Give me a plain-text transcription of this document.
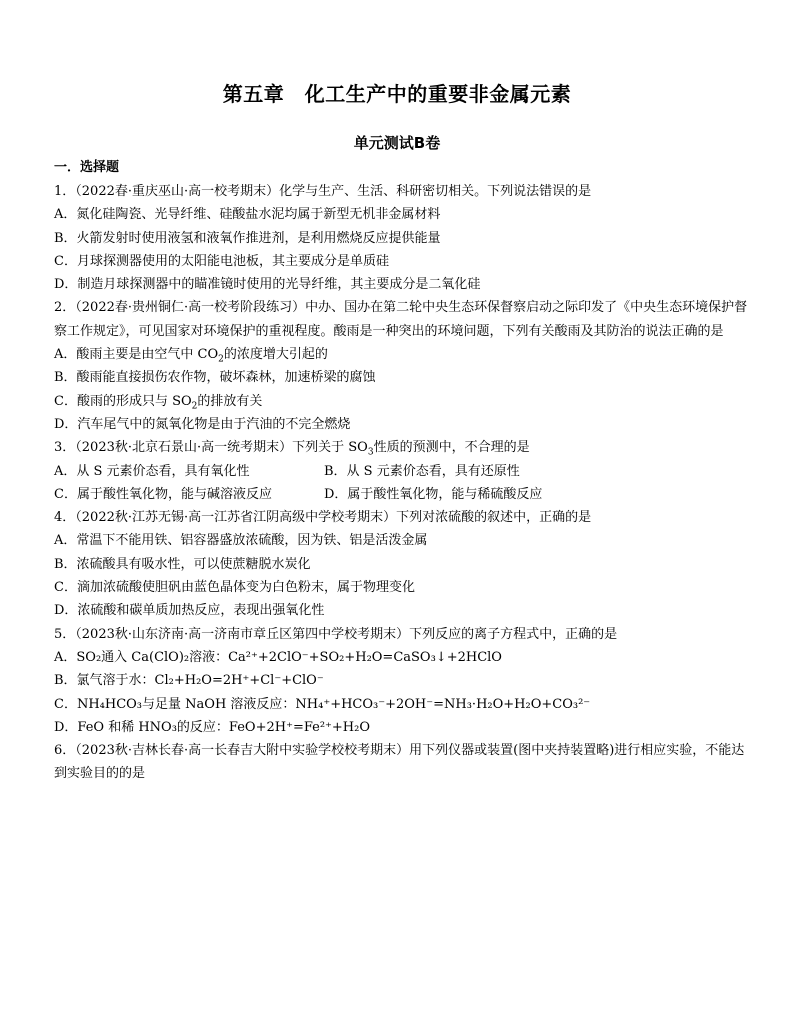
第五章　化工生产中的重要非金属元素
单元测试B卷
一．选择题

1．（2022春·重庆巫山·高一校考期末）化学与生产、生活、科研密切相关。下列说法错误的是

A．氮化硅陶瓷、光导纤维、硅酸盐水泥均属于新型无机非金属材料

B．火箭发射时使用液氢和液氧作推进剂，是利用燃烧反应提供能量

C．月球探测器使用的太阳能电池板，其主要成分是单质硅

D．制造月球探测器中的瞄准镜时使用的光导纤维，其主要成分是二氧化硅

2．（2022春·贵州铜仁·高一校考阶段练习）中办、国办在第二轮中央生态环保督察启动之际印发了《中央生态环境保护督察工作规定》，可见国家对环境保护的重视程度。酸雨是一种突出的环境问题，下列有关酸雨及其防治的说法正确的是

A．酸雨主要是由空气中 $CO_2$的浓度增大引起的

B．酸雨能直接损伤农作物，破坏森林，加速桥梁的腐蚀

C．酸雨的形成只与 $SO_2$的排放有关

D．汽车尾气中的氮氧化物是由于汽油的不完全燃烧

3．（2023秋·北京石景山·高一统考期末）下列关于 $SO_3$性质的预测中，不合理的是

A．从 S 元素价态看，具有氧化性	B．从 S 元素价态看，具有还原性
C．属于酸性氧化物，能与碱溶液反应	D．属于酸性氧化物，能与稀硫酸反应

4．（2022秋·江苏无锡·高一江苏省江阴高级中学校考期末）下列对浓硫酸的叙述中，正确的是

A．常温下不能用铁、铝容器盛放浓硫酸，因为铁、铝是活泼金属

B．浓硫酸具有吸水性，可以使蔗糖脱水炭化

C．滴加浓硫酸使胆矾由蓝色晶体变为白色粉末，属于物理变化

D．浓硫酸和碳单质加热反应，表现出强氧化性

5．（2023秋·山东济南·高一济南市章丘区第四中学校考期末）下列反应的离子方程式中，正确的是

A．SO₂通入 Ca(ClO)₂溶液：Ca²⁺+2ClO⁻+SO₂+H₂O=CaSO₃↓+2HClO

B．氯气溶于水：Cl₂+H₂O=2H⁺+Cl⁻+ClO⁻

C．NH₄HCO₃与足量 NaOH 溶液反应：NH₄⁺+HCO₃⁻+2OH⁻=NH₃·H₂O+H₂O+CO₃²⁻

D．FeO 和稀 HNO₃的反应：FeO+2H⁺=Fe²⁺+H₂O

6．（2023秋·吉林长春·高一长春吉大附中实验学校校考期末）用下列仪器或装置(图中夹持装置略)进行相应实验，不能达到实验目的的是
